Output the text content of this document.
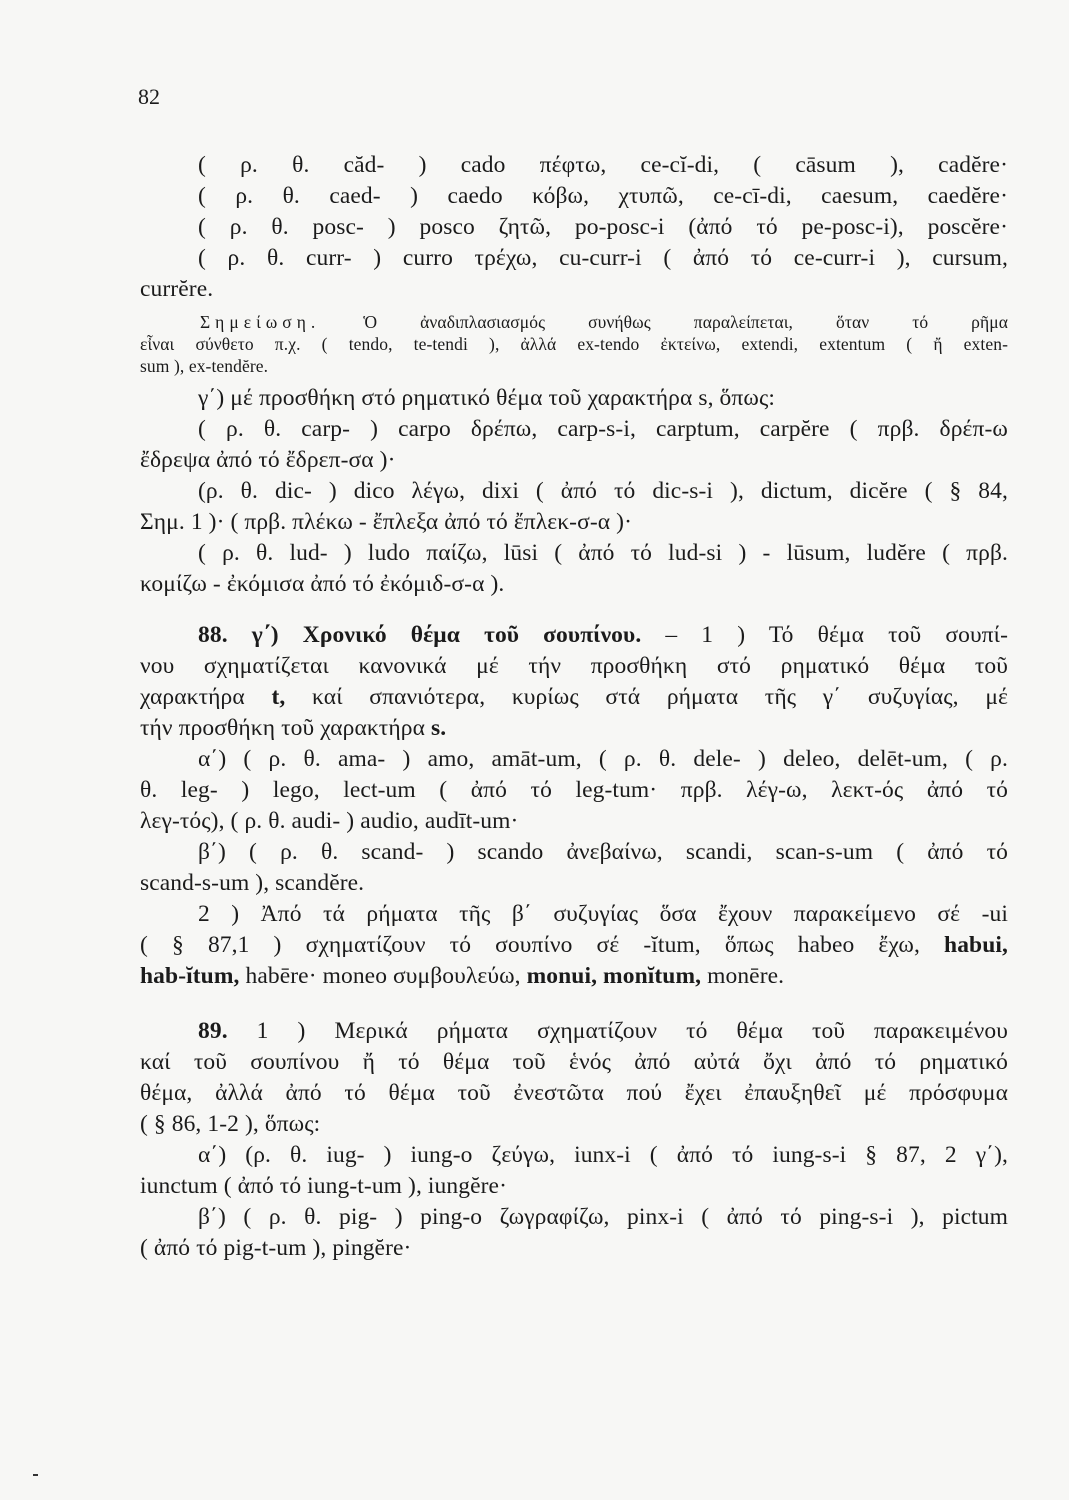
82
( ρ. θ. căd- ) cado πέφτω, ce-cĭ-di, ( cāsum ), cadĕre·
( ρ. θ. caed- ) caedo κόβω, χτυπῶ, ce-cī-di, caesum, caedĕre·
( ρ. θ. posc- ) posco ζητῶ, po-posc-i (ἀπό τό pe-posc-i), poscĕre·
( ρ. θ. curr- ) curro τρέχω, cu-curr-i ( ἀπό τό ce-curr-i ), cursum,
currĕre.
Σημείωση. Ὁ ἀναδιπλασιασμός συνήθως παραλείπεται, ὅταν τό ρῆμα
εἶναι σύνθετο π.χ. ( tendo, te-tendi ), ἀλλά ex-tendo ἐκτείνω, extendi, extentum ( ἤ exten-
sum ), ex-tendĕre.
γ΄) μέ προσθήκη στό ρηματικό θέμα τοῦ χαρακτήρα s, ὅπως:
( ρ. θ. carp- ) carpo δρέπω, carp-s-i, carptum, carpĕre ( πρβ. δρέπ-ω
ἔδρεψα ἀπό τό ἔδρεπ-σα )·
(ρ. θ. dic- ) dico λέγω, dixi ( ἀπό τό dic-s-i ), dictum, dicĕre ( § 84,
Σημ. 1 )· ( πρβ. πλέκω - ἔπλεξα ἀπό τό ἔπλεκ-σ-α )·
( ρ. θ. lud- ) ludo παίζω, lūsi ( ἀπό τό lud-si ) - lūsum, ludĕre ( πρβ.
κομίζω - ἐκόμισα ἀπό τό ἐκόμιδ-σ-α ).
88. γ΄) Χρονικό θέμα τοῦ σουπίνου. – 1 ) Τό θέμα τοῦ σουπί-
νου σχηματίζεται κανονικά μέ τήν προσθήκη στό ρηματικό θέμα τοῦ
χαρακτήρα t, καί σπανιότερα, κυρίως στά ρήματα τῆς γ΄ συζυγίας, μέ
τήν προσθήκη τοῦ χαρακτήρα s.
α΄) ( ρ. θ. ama- ) amo, amāt-um, ( ρ. θ. dele- ) deleo, delēt-um, ( ρ.
θ. leg- ) lego, lect-um ( ἀπό τό leg-tum· πρβ. λέγ-ω, λεκτ-ός ἀπό τό
λεγ-τός), ( ρ. θ. audi- ) audio, audīt-um·
β΄) ( ρ. θ. scand- ) scando ἀνεβαίνω, scandi, scan-s-um ( ἀπό τό
scand-s-um ), scandĕre.
2 ) Ἀπό τά ρήματα τῆς β΄ συζυγίας ὅσα ἔχουν παρακείμενο σέ -ui
( § 87,1 ) σχηματίζουν τό σουπίνο σέ -ĭtum, ὅπως habeo ἔχω, habui,
hab-ĭtum, habēre· moneo συμβουλεύω, monui, monĭtum, monēre.
89. 1 ) Μερικά ρήματα σχηματίζουν τό θέμα τοῦ παρακειμένου
καί τοῦ σουπίνου ἤ τό θέμα τοῦ ἑνός ἀπό αὐτά ὄχι ἀπό τό ρηματικό
θέμα, ἀλλά ἀπό τό θέμα τοῦ ἐνεστῶτα πού ἔχει ἐπαυξηθεῖ μέ πρόσφυμα
( § 86, 1-2 ), ὅπως:
α΄) (ρ. θ. iug- ) iung-o ζεύγω, iunx-i ( ἀπό τό iung-s-i § 87, 2 γ΄),
iunctum ( ἀπό τό iung-t-um ), iungĕre·
β΄) ( ρ. θ. pig- ) ping-o ζωγραφίζω, pinx-i ( ἀπό τό ping-s-i ), pictum
( ἀπό τό pig-t-um ), pingĕre·
